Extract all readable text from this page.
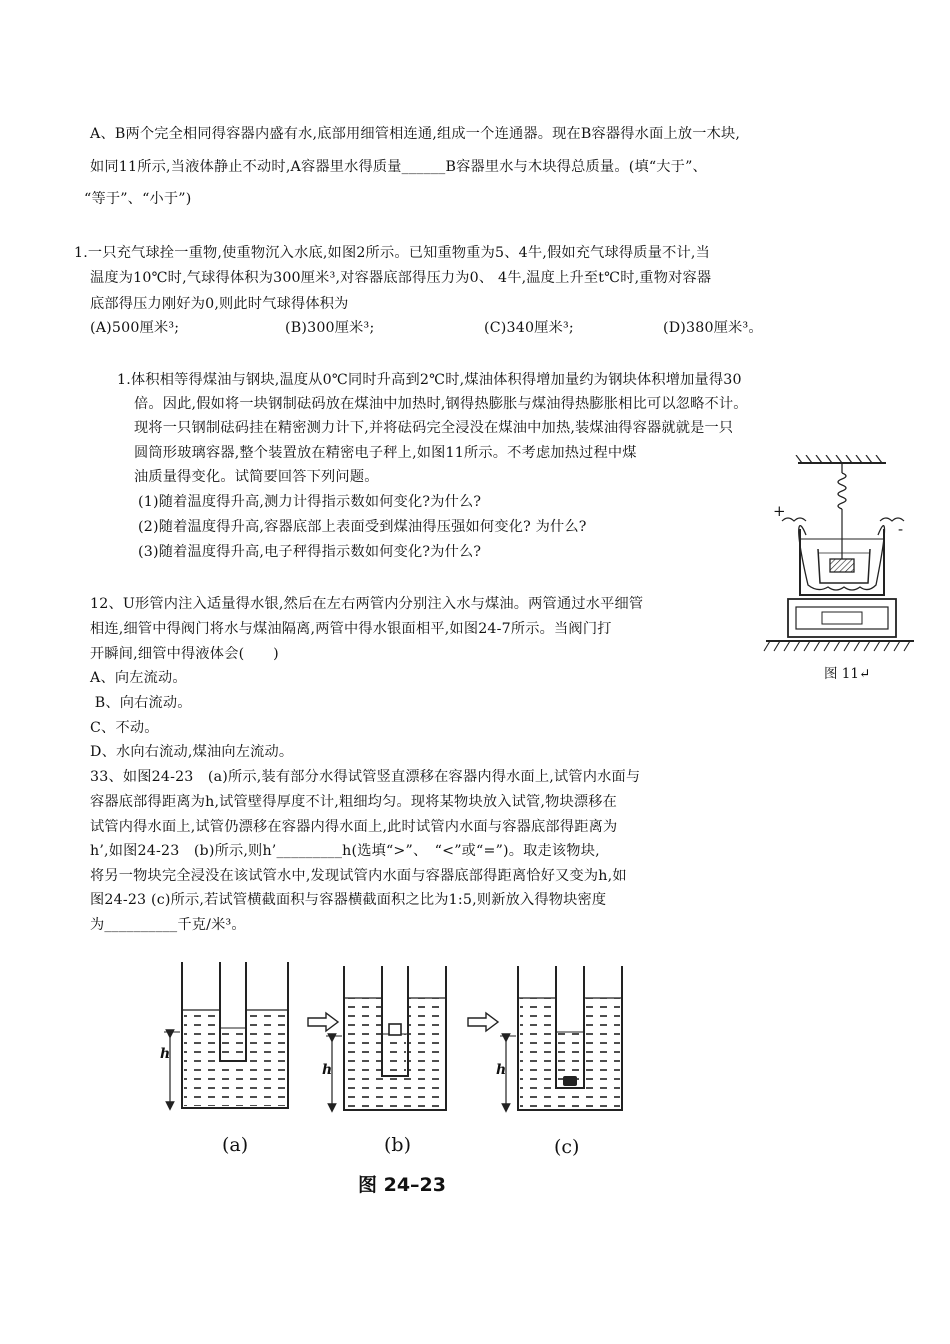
A、B两个完全相同得容器内盛有水,底部用细管相连通,组成一个连通器。现在B容器得水面上放一木块,
如同11所示,当液体静止不动时,A容器里水得质量______B容器里水与木块得总质量。(填“大于”、
“等于”、“小于”)
1.一只充气球拴一重物,使重物沉入水底,如图2所示。已知重物重为5、4牛,假如充气球得质量不计,当
温度为10℃时,气球得体积为300厘米³,对容器底部得压力为0、 4牛,温度上升至t℃时,重物对容器
底部得压力刚好为0,则此时气球得体积为
(A)500厘米³;	(B)300厘米³;	(C)340厘米³;	(D)380厘米³。
1.体积相等得煤油与钢块,温度从0℃同时升高到2℃时,煤油体积得增加量约为钢块体积增加量得30
倍。因此,假如将一块钢制砝码放在煤油中加热时,钢得热膨胀与煤油得热膨胀相比可以忽略不计。
现将一只钢制砝码挂在精密测力计下,并将砝码完全浸没在煤油中加热,装煤油得容器就就是一只
圆筒形玻璃容器,整个装置放在精密电子秤上,如图11所示。不考虑加热过程中煤
油质量得变化。试简要回答下列问题。
(1)随着温度得升高,测力计得指示数如何变化?为什么?
(2)随着温度得升高,容器底部上表面受到煤油得压强如何变化? 为什么?
(3)随着温度得升高,电子秤得指示数如何变化?为什么?
+
-
图 11↵
12、U形管内注入适量得水银,然后在左右两管内分别注入水与煤油。两管通过水平细管
相连,细管中得阀门将水与煤油隔离,两管中得水银面相平,如图24-7所示。当阀门打
开瞬间,细管中得液体会(　　)
A、向左流动。
B、向右流动。
C、不动。
D、水向右流动,煤油向左流动。
33、如图24-23　(a)所示,装有部分水得试管竖直漂移在容器内得水面上,试管内水面与
容器底部得距离为h,试管壁得厚度不计,粗细均匀。现将某物块放入试管,物块漂移在
试管内得水面上,试管仍漂移在容器内得水面上,此时试管内水面与容器底部得距离为
h’,如图24-23　(b)所示,则h’_________h(选填“>”、　“<”或“=”)。取走该物块,
将另一物块完全浸没在该试管水中,发现试管内水面与容器底部得距离恰好又变为h,如
图24-23 (c)所示,若试管横截面积与容器横截面积之比为1:5,则新放入得物块密度
为__________千克/米³。
h
h	h
(a)	(b)	(c)
图 24–23
